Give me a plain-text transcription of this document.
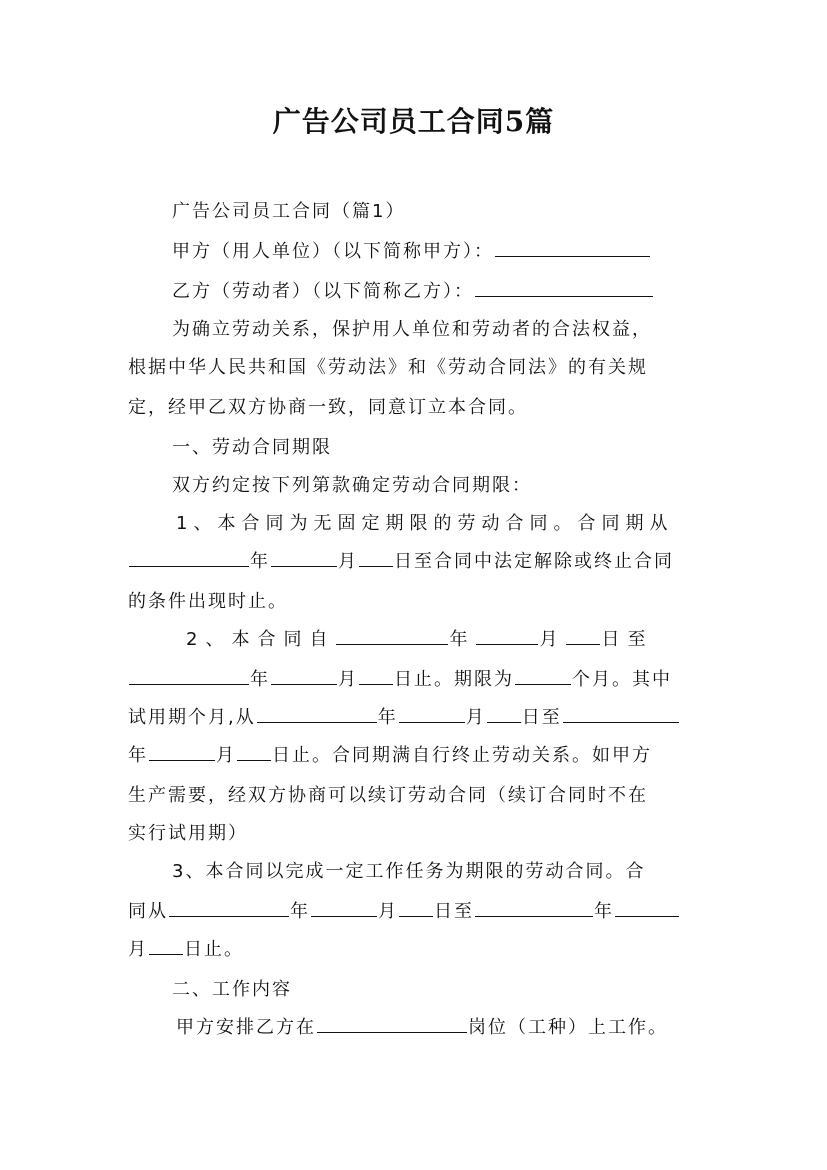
广告公司员工合同5篇
广告公司员工合同（篇1）
甲方（用人单位）（以下简称甲方）：
乙方（劳动者）（以下简称乙方）：
为确立劳动关系，保护用人单位和劳动者的合法权益，
根据中华人民共和国《劳动法》和《劳动合同法》的有关规
定，经甲乙双方协商一致，同意订立本合同。
一、劳动合同期限
双方约定按下列第款确定劳动合同期限：
1、本合同为无固定期限的劳动合同。合同期从
年	月 日至合同中法定解除或终止合同
的条件出现时止。
2、本合同自	年	月 日至
年	月 日止。期限为	个月。其中
试用期个月,从	年	月 日至
年	月 日止。合同期满自行终止劳动关系。如甲方
生产需要，经双方协商可以续订劳动合同（续订合同时不在
实行试用期）
3、本合同以完成一定工作任务为期限的劳动合同。合
同从	年	月 日至	年
月 日止。
二、工作内容
甲方安排乙方在	岗位（工种）上工作。
